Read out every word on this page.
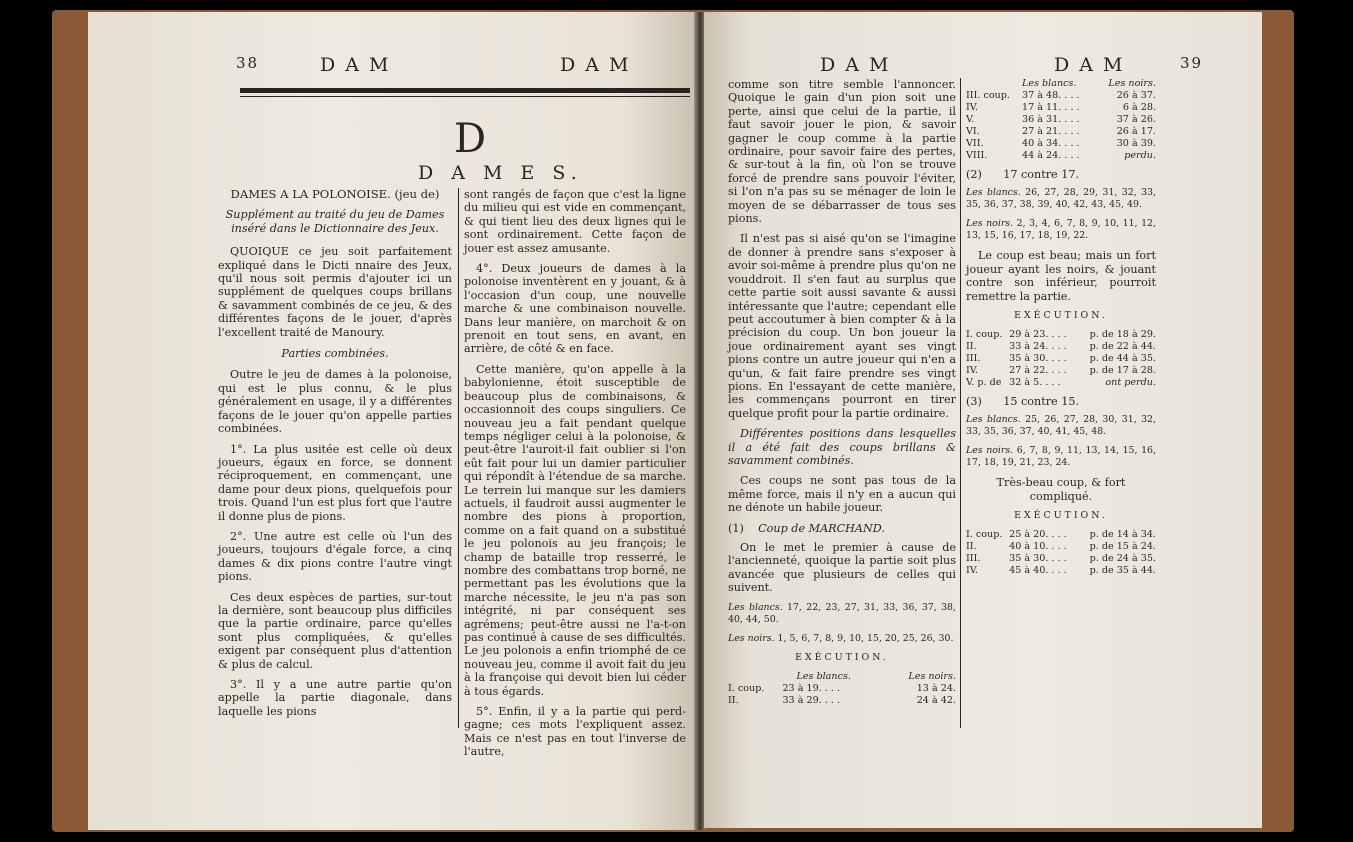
38	D A M	D A M
D
D A M E S.

DAMES A LA POLONOISE. (jeu de)

Supplément au traité du jeu de Dames inséré dans le Dictionnaire des Jeux.

QUOIQUE ce jeu soit parfaitement expliqué dans le Dicti nnaire des Jeux, qu'il nous soit permis d'ajouter ici un supplément de quelques coups brillans & savamment combinés de ce jeu, & des différentes façons de le jouer, d'après l'excellent traité de Manoury.

Parties combinées.

Outre le jeu de dames à la polonoise, qui est le plus connu, & le plus généralement en usage, il y a différentes façons de le jouer qu'on appelle parties combinées.

1°. La plus usitée est celle où deux joueurs, égaux en force, se donnent réciproquement, en commençant, une dame pour deux pions, quelquefois pour trois. Quand l'un est plus fort que l'autre il donne plus de pions.

2°. Une autre est celle où l'un des joueurs, toujours d'égale force, a cinq dames & dix pions contre l'autre vingt pions.

Ces deux espèces de parties, sur-tout la dernière, sont beaucoup plus difficiles que la partie ordinaire, parce qu'elles sont plus compliquées, & qu'elles exigent par conséquent plus d'attention & plus de calcul.

3°. Il y a une autre partie qu'on appelle la partie diagonale, dans laquelle les pions

sont rangés de façon que c'est la ligne du milieu qui est vide en commençant, & qui tient lieu des deux lignes qui le sont ordinairement. Cette façon de jouer est assez amusante.

4°. Deux joueurs de dames à la polonoise inventèrent en y jouant, & à l'occasion d'un coup, une nouvelle marche & une combinaison nouvelle. Dans leur manière, on marchoit & on prenoit en tout sens, en avant, en arrière, de côté & en face.

Cette manière, qu'on appelle à la babylonienne, étoit susceptible de beaucoup plus de combinaisons, & occasionnoit des coups singuliers. Ce nouveau jeu a fait pendant quelque temps négliger celui à la polonoise, & peut-être l'auroit-il fait oublier si l'on eût fait pour lui un damier particulier qui répondît à l'étendue de sa marche. Le terrein lui manque sur les damiers actuels, il faudroit aussi augmenter le nombre des pions à proportion, comme on a fait quand on a substitué le jeu polonois au jeu françois; le champ de bataille trop resserré, le nombre des combattans trop borné, ne permettant pas les évolutions que la marche nécessite, le jeu n'a pas son intégrité, ni par conséquent ses agrémens; peut-être aussi ne l'a-t-on pas continué à cause de ses difficultés. Le jeu polonois a enfin triomphé de ce nouveau jeu, comme il avoit fait du jeu à la françoise qui devoit bien lui céder à tous égards.

5°. Enfin, il y a la partie qui perd-gagne; ces mots l'expliquent assez. Mais ce n'est pas en tout l'inverse de l'autre,

D A M	D A M	39

comme son titre semble l'annoncer. Quoique le gain d'un pion soit une perte, ainsi que celui de la partie, il faut savoir jouer le pion, & savoir gagner le coup comme à la partie ordinaire, pour savoir faire des pertes, & sur-tout à la fin, où l'on se trouve forcé de prendre sans pouvoir l'éviter, si l'on n'a pas su se ménager de loin le moyen de se débarrasser de tous ses pions.

Il n'est pas si aisé qu'on se l'imagine de donner à prendre sans s'exposer à avoir soi-même à prendre plus qu'on ne vouddroit. Il s'en faut au surplus que cette partie soit aussi savante & aussi intéressante que l'autre; cependant elle peut accoutumer à bien compter & à la précision du coup. Un bon joueur la joue ordinairement ayant ses vingt pions contre un autre joueur qui n'en a qu'un, & fait faire prendre ses vingt pions. En l'essayant de cette manière, les commençans pourront en tirer quelque profit pour la partie ordinaire.

Différentes positions dans lesquelles il a été fait des coups brillans & savamment combinés.

Ces coups ne sont pas tous de la même force, mais il n'y en a aucun qui ne dénote un habile joueur.

(1) Coup de MARCHAND.

On le met le premier à cause de l'ancienneté, quoique la partie soit plus avancée que plusieurs de celles qui suivent.

Les blancs. 17, 22, 23, 27, 31, 33, 36, 37, 38, 40, 44, 50.

Les noirs. 1, 5, 6, 7, 8, 9, 10, 15, 20, 25, 26, 30.

EXÉCUTION.

	Les blancs.	Les noirs.
I. coup.	23 à 19. . . .	13 à 24.
II.	33 à 29. . . .	24 à 42.
	Les blancs.	Les noirs.
III. coup.	37 à 48. . . .	26 à 37.
IV.	17 à 11. . . .	6 à 28.
V.	36 à 31. . . .	37 à 26.
VI.	27 à 21. . . .	26 à 17.
VII.	40 à 34. . . .	30 à 39.
VIII.	44 à 24. . . .	perdu.

(2) 17 contre 17.

Les blancs. 26, 27, 28, 29, 31, 32, 33, 35, 36, 37, 38, 39, 40, 42, 43, 45, 49.

Les noirs. 2, 3, 4, 6, 7, 8, 9, 10, 11, 12, 13, 15, 16, 17, 18, 19, 22.

Le coup est beau; mais un fort joueur ayant les noirs, & jouant contre son inférieur, pourroit remettre la partie.

EXÉCUTION.

I. coup.	29 à 23. . . .	p. de 18 à 29.
II.	33 à 24. . . .	p. de 22 à 44.
III.	35 à 30. . . .	p. de 44 à 35.
IV.	27 à 22. . . .	p. de 17 à 28.
V. p. de	32 à 5. . . .	ont perdu.

(3) 15 contre 15.

Les blancs. 25, 26, 27, 28, 30, 31, 32, 33, 35, 36, 37, 40, 41, 45, 48.

Les noirs. 6, 7, 8, 9, 11, 13, 14, 15, 16, 17, 18, 19, 21, 23, 24.

Très-beau coup, & fort compliqué.

EXÉCUTION.

I. coup.	25 à 20. . . .	p. de 14 à 34.
II.	40 à 10. . . .	p. de 15 à 24.
III.	35 à 30. . . .	p. de 24 à 35.
IV.	45 à 40. . . .	p. de 35 à 44.
